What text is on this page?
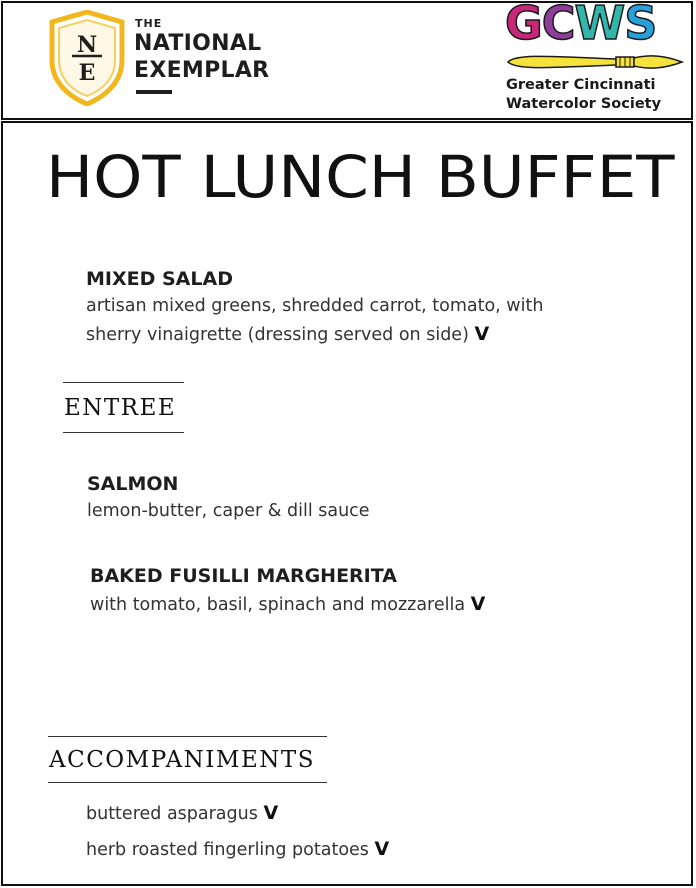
N
E
THE
NATIONAL
EXEMPLAR
GCWS
Greater Cincinnati
Watercolor Society
HOT LUNCH BUFFET
MIXED SALAD
artisan mixed greens, shredded carrot, tomato, with
sherry vinaigrette (dressing served on side) V
ENTREE
SALMON
lemon-butter, caper & dill sauce
BAKED FUSILLI MARGHERITA
with tomato, basil, spinach and mozzarella V
ACCOMPANIMENTS
buttered asparagus V
herb roasted fingerling potatoes V
